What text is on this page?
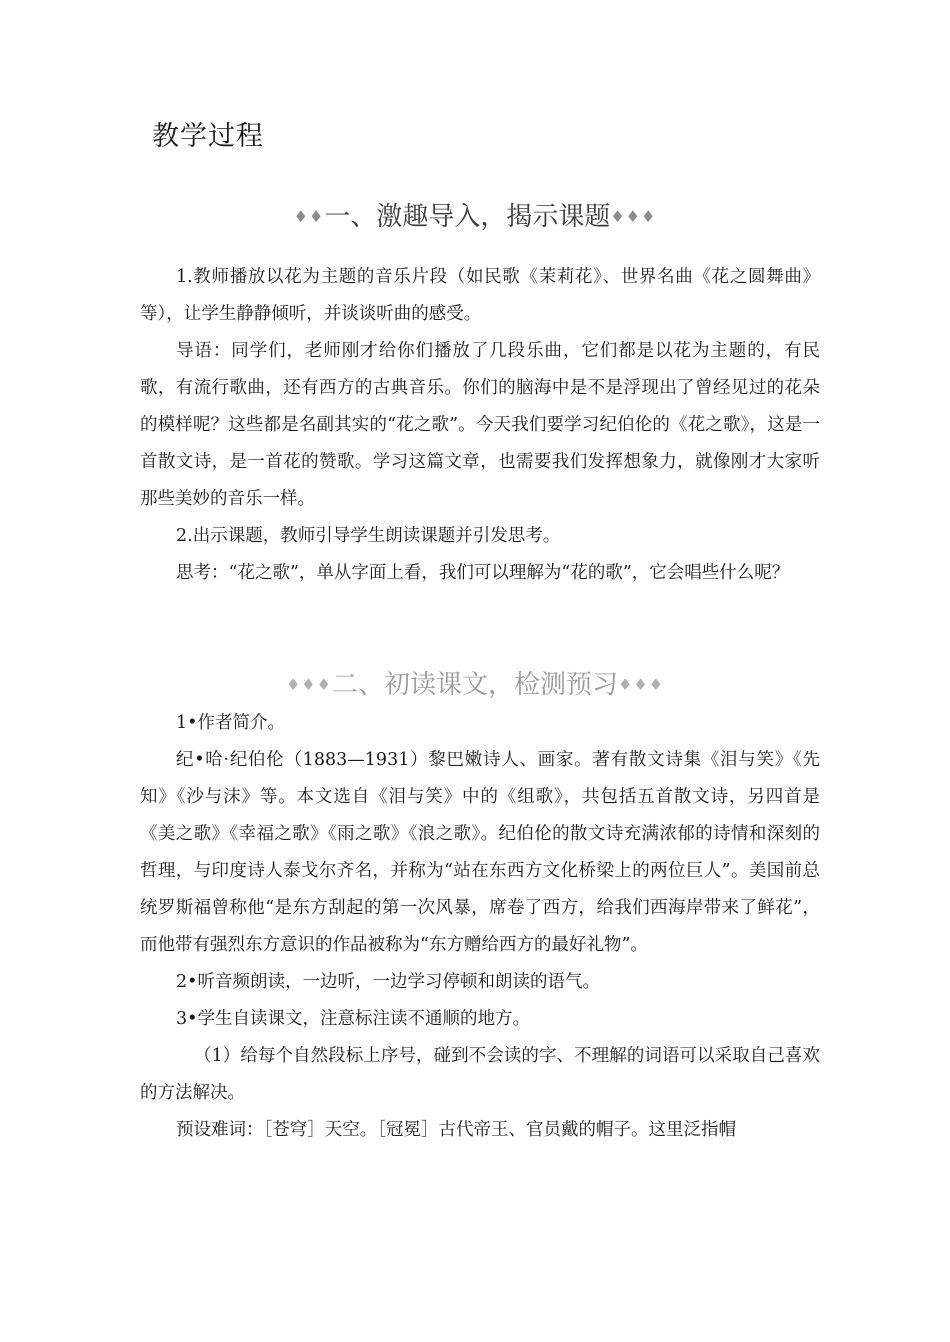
教学过程
♦♦一、激趣导入，揭示课题♦♦♦

1.教师播放以花为主题的音乐片段（如民歌《茉莉花》、世界名曲《花之圆舞曲》等），让学生静静倾听，并谈谈听曲的感受。

导语：同学们，老师刚才给你们播放了几段乐曲，它们都是以花为主题的，有民歌，有流行歌曲，还有西方的古典音乐。你们的脑海中是不是浮现出了曾经见过的花朵的模样呢？这些都是名副其实的“花之歌”。今天我们要学习纪伯伦的《花之歌》，这是一首散文诗，是一首花的赞歌。学习这篇文章，也需要我们发挥想象力，就像刚才大家听那些美妙的音乐一样。

2.出示课题，教师引导学生朗读课题并引发思考。

思考：“花之歌”，单从字面上看，我们可以理解为“花的歌”，它会唱些什么呢？

♦♦♦二、初读课文，检测预习♦♦♦

1•作者简介。

纪•哈·纪伯伦（1883—1931）黎巴嫩诗人、画家。著有散文诗集《泪与笑》《先知》《沙与沫》等。本文选自《泪与笑》中的《组歌》，共包括五首散文诗，另四首是《美之歌》《幸福之歌》《雨之歌》《浪之歌》。纪伯伦的散文诗充满浓郁的诗情和深刻的哲理，与印度诗人泰戈尔齐名，并称为“站在东西方文化桥梁上的两位巨人”。美国前总统罗斯福曾称他“是东方刮起的第一次风暴，席卷了西方，给我们西海岸带来了鲜花”，而他带有强烈东方意识的作品被称为“东方赠给西方的最好礼物”。

2•听音频朗读，一边听，一边学习停顿和朗读的语气。

3•学生自读课文，注意标注读不通顺的地方。

（1）给每个自然段标上序号，碰到不会读的字、不理解的词语可以采取自己喜欢的方法解决。

预设难词：［苍穹］天空。［冠冕］古代帝王、官员戴的帽子。这里泛指帽
